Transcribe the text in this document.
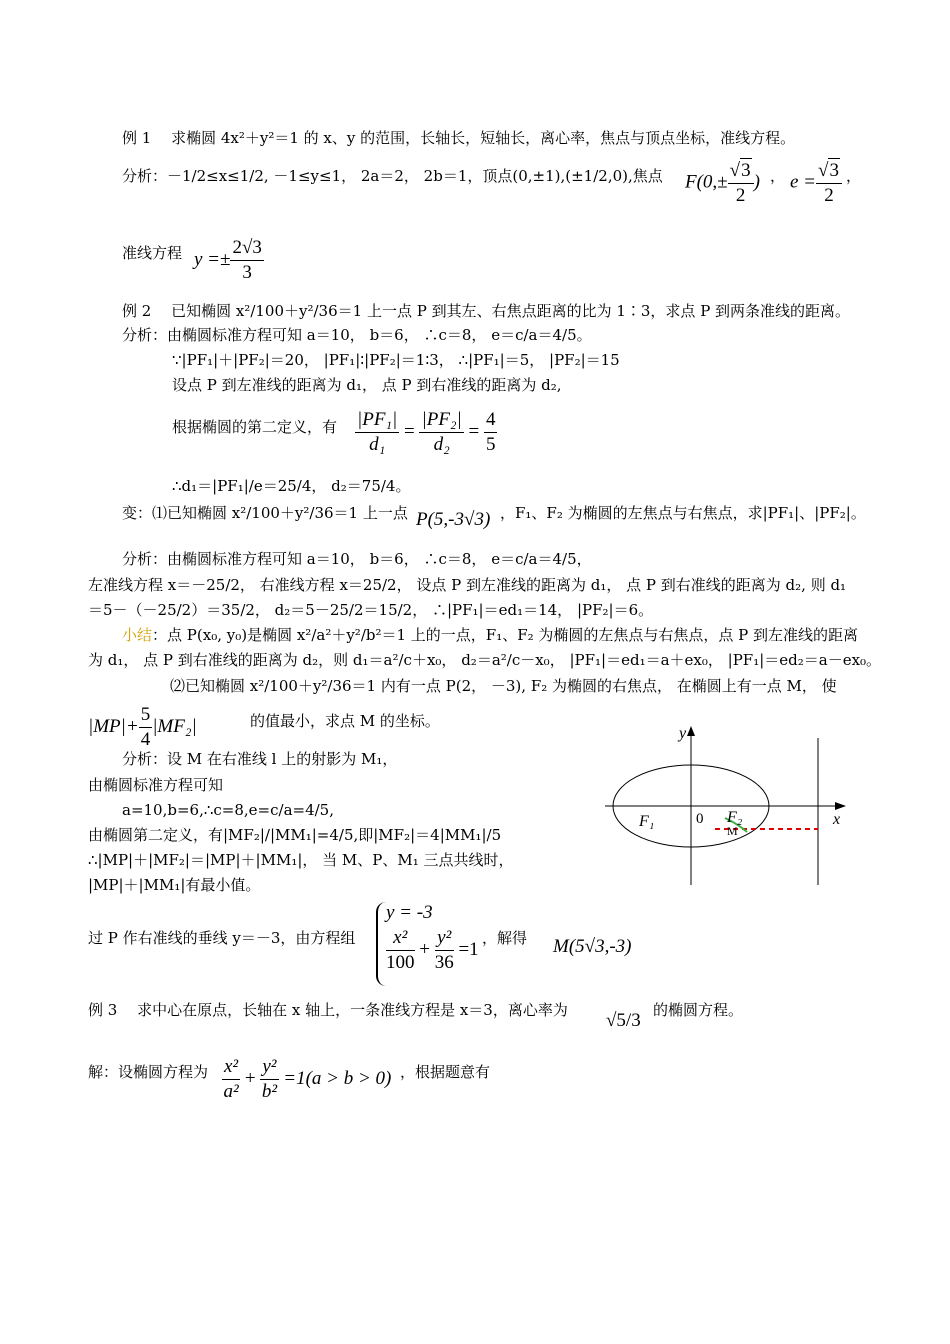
例 1　 求椭圆 4x²＋y²＝1 的 x、y 的范围，长轴长，短轴长，离心率，焦点与顶点坐标，准线方程。
分析：－1/2≤x≤1/2, －1≤y≤1， 2a＝2， 2b＝1，顶点(0,±1),(±1/2,0),焦点 $F(0,\pm \frac{√3}{2}$ ) ， $e = \frac{√3}{2}$ ，
准线方程 $y =\pm \frac{2√3}{3}$
例 2　 已知椭圆 x²/100＋y²/36＝1 上一点 P 到其左、右焦点距离的比为 1∶3，求点 P 到两条准线的距离。
分析：由椭圆标准方程可知 a＝10， b＝6， ∴c＝8， e＝c/a＝4/5。
∵|PF₁|＋|PF₂|＝20， |PF₁|∶|PF₂|＝1∶3， ∴|PF₁|＝5， |PF₂|＝15
设点 P 到左准线的距离为 d₁， 点 P 到右准线的距离为 d₂,
根据椭圆的第二定义，有 $\frac{\text{|PF₁|}}{\text{d₁}} = \frac{\text{|PF₂|}}{\text{d₂}} = \frac{4}{5}$
∴d₁＝|PF₁|/e＝25/4， d₂＝75/4。
变：⑴已知椭圆 x²/100＋y²/36＝1 上一点 P(5,-3√3) ，F₁、F₂ 为椭圆的左焦点与右焦点，求|PF₁|、|PF₂|。
分析：由椭圆标准方程可知 a＝10， b＝6， ∴c＝8， e＝c/a＝4/5，
左准线方程 x＝－25/2， 右准线方程 x＝25/2， 设点 P 到左准线的距离为 d₁， 点 P 到右准线的距离为 d₂, 则 d₁
＝5－（－25/2）＝35/2， d₂＝5－25/2＝15/2， ∴|PF₁|＝ed₁＝14， |PF₂|＝6。
小结：点 P(x₀, y₀)是椭圆 x²/a²＋y²/b²＝1 上的一点，F₁、F₂ 为椭圆的左焦点与右焦点，点 P 到左准线的距离
为 d₁， 点 P 到右准线的距离为 d₂，则 d₁＝a²/c＋x₀， d₂＝a²/c－x₀， |PF₁|＝ed₁＝a＋ex₀， |PF₁|＝ed₂＝a－ex₀。
⑵已知椭圆 x²/100＋y²/36＝1 内有一点 P(2， －3), F₂ 为椭圆的右焦点， 在椭圆上有一点 M， 使
$|MP|+ \frac{5}{4} |MF_2|$	的值最小，求点 M 的坐标。
分析：设 M 在右准线 l 上的射影为 M₁，
由椭圆标准方程可知
a=10,b=6,∴c=8,e=c/a=4/5,
由椭圆第二定义，有|MF₂|/|MM₁|=4/5,即|MF₂|＝4|MM₁|/5
∴|MP|＋|MF₂|＝|MP|＋|MM₁|， 当 M、P、M₁ 三点共线时，
|MP|＋|MM₁|有最小值。
y
x
0
F₁	F₂
M
过 P 作右准线的垂线 y＝－3，由方程组
y = -3
$\frac{\text{x²}}{100} + \frac{\text{y²}}{36} =1$
，解得 M(5√3,-3)
例 3　 求中心在原点，长轴在 x 轴上，一条准线方程是 x＝3，离心率为 √5/3 的椭圆方程。
解：设椭圆方程为 $\frac{\text{x²}}{\text{a²}} + \frac{\text{y²}}{\text{b²}} =1(a > b > 0)$ ，根据题意有
